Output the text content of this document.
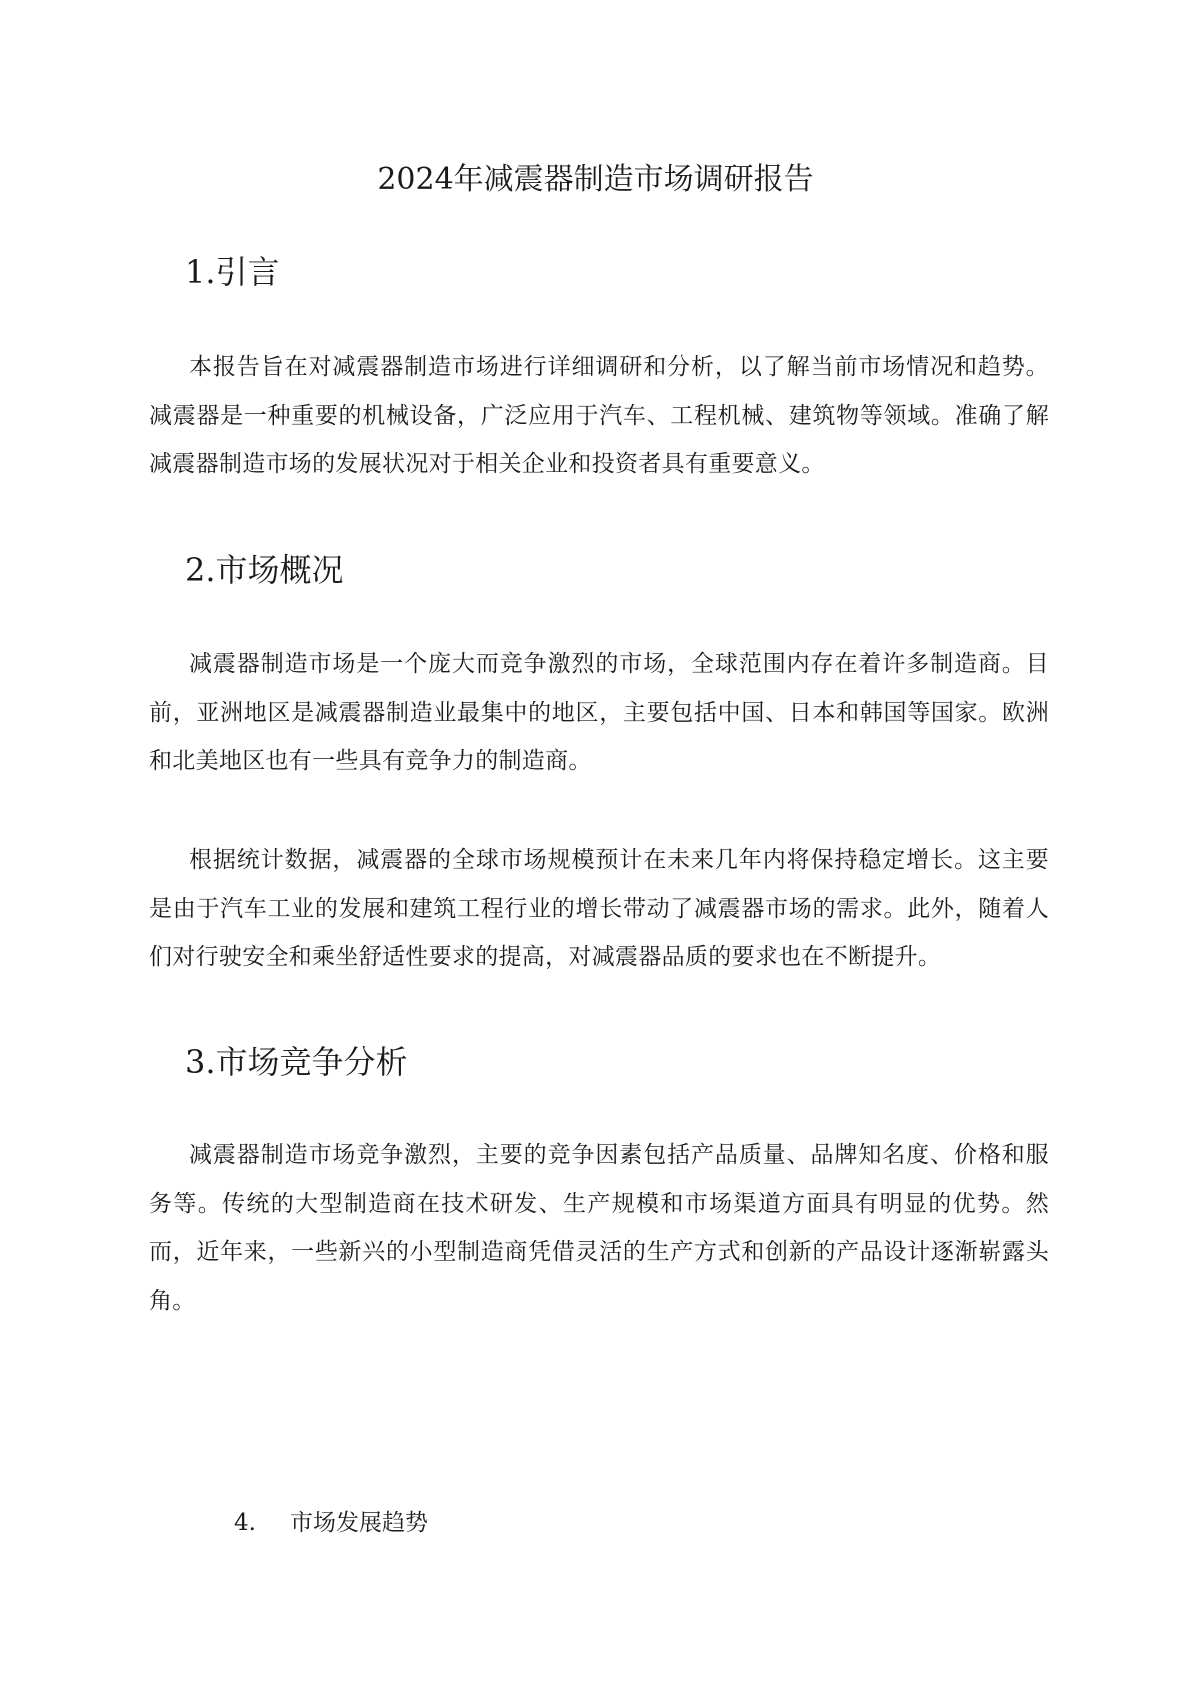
2024年减震器制造市场调研报告
1.引言

本报告旨在对减震器制造市场进行详细调研和分析，以了解当前市场情况和趋势。减震器是一种重要的机械设备，广泛应用于汽车、工程机械、建筑物等领域。准确了解减震器制造市场的发展状况对于相关企业和投资者具有重要意义。

2.市场概况

减震器制造市场是一个庞大而竞争激烈的市场，全球范围内存在着许多制造商。目前，亚洲地区是减震器制造业最集中的地区，主要包括中国、日本和韩国等国家。欧洲和北美地区也有一些具有竞争力的制造商。

根据统计数据，减震器的全球市场规模预计在未来几年内将保持稳定增长。这主要是由于汽车工业的发展和建筑工程行业的增长带动了减震器市场的需求。此外，随着人们对行驶安全和乘坐舒适性要求的提高，对减震器品质的要求也在不断提升。

3.市场竞争分析

减震器制造市场竞争激烈，主要的竞争因素包括产品质量、品牌知名度、价格和服务等。传统的大型制造商在技术研发、生产规模和市场渠道方面具有明显的优势。然而，近年来，一些新兴的小型制造商凭借灵活的生产方式和创新的产品设计逐渐崭露头角。

4. 市场发展趋势
